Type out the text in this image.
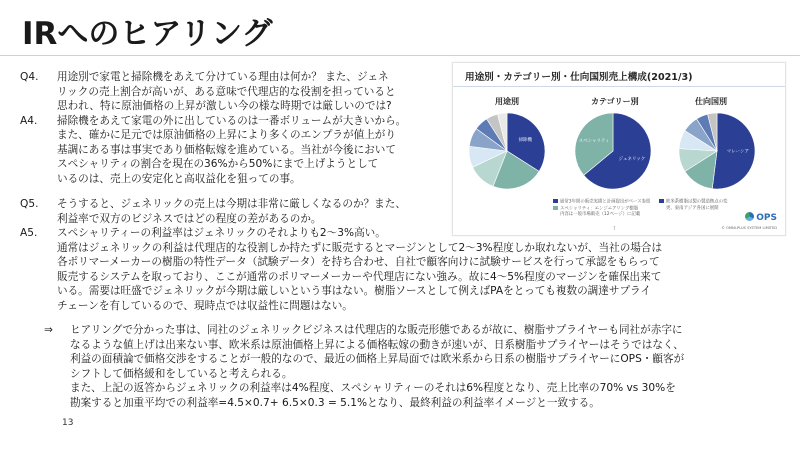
IRへのヒアリング
Q4.	用途別で家電と掃除機をあえて分けている理由は何か？ また、ジェネ
リックの売上割合が高いが、ある意味で代理店的な役割を担っていると
思われ、特に原油価格の上昇が激しい今の様な時期では厳しいのでは?
A4.	掃除機をあえて家電の外に出しているのは一番ボリュームが大きいから。
また、確かに足元では原油価格の上昇により多くのエンプラが値上がり
基調にある事は事実であり価格転嫁を進めている。当社が今後において
スペシャリティの割合を現在の36%から50%にまで上げようとして
いるのは、売上の安定化と高収益化を狙っての事。
Q5.	そうすると、ジェネリックの売上は今期は非常に厳しくなるのか？また、
利益率で双方のビジネスではどの程度の差があるのか。
A5.	スペシャリティーの利益率はジェネリックのそれよりも2～3%高い。
通常はジェネリックの利益は代理店的な役割しか持たずに販売するとマージンとして2～3%程度しか取れないが、当社の場合は
各ポリマーメーカーの樹脂の特性データ（試験データ）を持ち合わせ、自社で顧客向けに試験サービスを行って承認をもらって
販売するシステムを取っており、ここが通常のポリマーメーカーや代理店にない強み。故に4～5%程度のマージンを確保出来て
いる。需要は旺盛でジェネリックが今期は厳しいという事はない。樹脂ソースとして例えばPAをとっても複数の調達サプライ
チェーンを有しているので、現時点では収益性に問題はない。
⇒	ヒアリングで分かった事は、同社のジェネリックビジネスは代理店的な販売形態であるが故に、樹脂サプライヤーも同社が赤字に
なるような値上げは出来ない事、欧米系は原油価格上昇による価格転嫁の動きが速いが、日系樹脂サプライヤーはそうではなく、
利益の面積論で価格交渉をすることが一般的なので、最近の価格上昇局面では欧米系から日系の樹脂サプライヤーにOPS・顧客が
シフトして価格緩和をしていると考えられる。
また、上記の返答からジェネリックの利益率は4%程度、スペシャリティーのそれは6%程度となり、売上比率の70% vs 30%を
勘案すると加重平均での利益率=4.5×0.7+ 6.5×0.3 = 5.1%となり、最終利益の利益率イメージと一致する。
13
用途別・カテゴリー別・仕向国別売上構成(2021/3)
用途別	カテゴリー別	仕向国別
掃除機
ジェネリック
スペシャリティ
マレーシア
通常3年間の販売実績と計画提出がベース参照
スペシャリティ：エンジニアリング樹脂
内容は一般市場販売（12ページ）に記載
欧米系樹脂は製の製造拠点の変
更、東南アジア各国に展開
7
OPS
© OMNI-PLUS SYSTEM LIMITED
